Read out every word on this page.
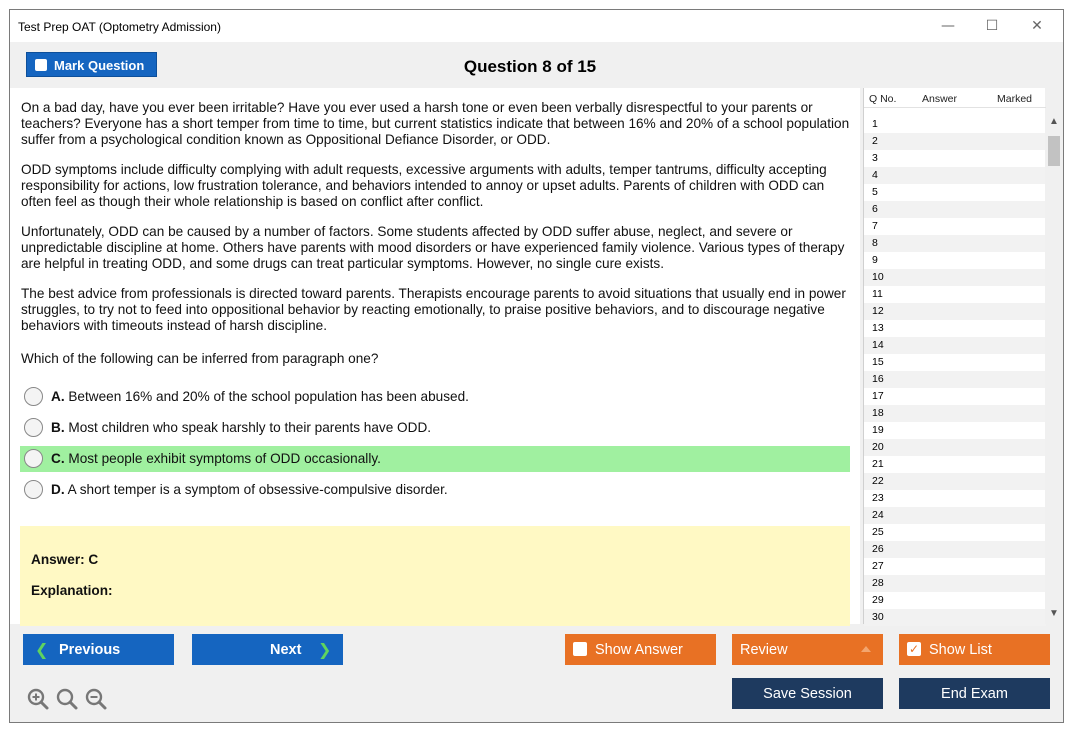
Test Prep OAT (Optometry Admission)	—	☐	✕
Mark Question	Question 8 of 15

On a bad day, have you ever been irritable? Have you ever used a harsh tone or even been verbally disrespectful to your parents or teachers? Everyone has a short temper from time to time, but current statistics indicate that between 16% and 20% of a school population suffer from a psychological condition known as Oppositional Defiance Disorder, or ODD.

ODD symptoms include difficulty complying with adult requests, excessive arguments with adults, temper tantrums, difficulty accepting responsibility for actions, low frustration tolerance, and behaviors intended to annoy or upset adults. Parents of children with ODD can often feel as though their whole relationship is based on conflict after conflict.

Unfortunately, ODD can be caused by a number of factors. Some students affected by ODD suffer abuse, neglect, and severe or unpredictable discipline at home. Others have parents with mood disorders or have experienced family violence. Various types of therapy are helpful in treating ODD, and some drugs can treat particular symptoms. However, no single cure exists.

The best advice from professionals is directed toward parents. Therapists encourage parents to avoid situations that usually end in power struggles, to try not to feed into oppositional behavior by reacting emotionally, to praise positive behaviors, and to discourage negative behaviors with timeouts instead of harsh discipline.

Which of the following can be inferred from paragraph one?
A. Between 16% and 20% of the school population has been abused.
B. Most children who speak harshly to their parents have ODD.
C. Most people exhibit symptoms of ODD occasionally.
D. A short temper is a symptom of obsessive-compulsive disorder.
Answer: C
Explanation:
Q No. Answer	Marked
1
2
3
4
5
6
7
8
9
10
11
12
13
14
15
16
17
18
19
20
21
22
23
24
25
26
27
28
29
30
▲
▼
❮ Previous	Next ❯	Show Answer	Review	✓ Show List
Save Session	End Exam
